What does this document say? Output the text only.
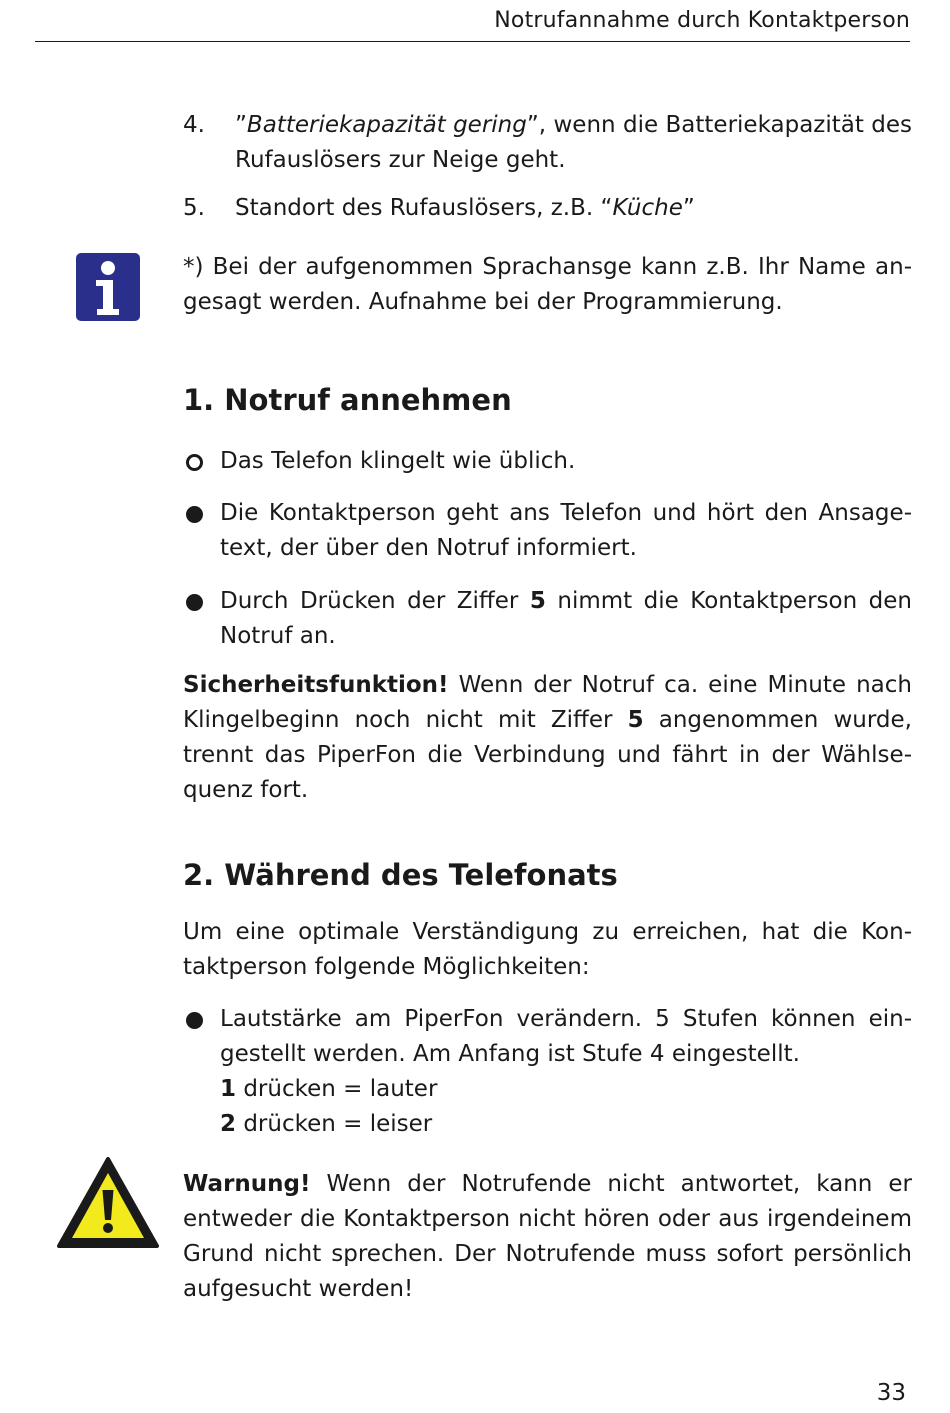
Notrufannahme durch Kontaktperson
4. ”Batteriekapazität gering”, wenn die Batteriekapazität des Rufauslösers zur Neige geht.

5. Standort des Rufauslösers, z.B. “Küche”

*) Bei der aufgenommen Sprachansge kann z.B. Ihr Name angesagt werden. Aufnahme bei der Programmierung.

1. Notruf annehmen

Das Telefon klingelt wie üblich.

Die Kontaktperson geht ans Telefon und hört den Ansagetext, der über den Notruf informiert.

Durch Drücken der Ziffer 5 nimmt die Kontaktperson den Notruf an.

Sicherheitsfunktion! Wenn der Notruf ca. eine Minute nach Klingelbeginn noch nicht mit Ziffer 5 angenommen wurde, trennt das PiperFon die Verbindung und fährt in der Wählsequenz fort.

2. Während des Telefonats

Um eine optimale Verständigung zu erreichen, hat die Kontaktperson folgende Möglichkeiten:

Lautstärke am PiperFon verändern. 5 Stufen können eingestellt werden. Am Anfang ist Stufe 4 eingestellt.

1 drücken = lauter

2 drücken = leiser

Warnung! Wenn der Notrufende nicht antwortet, kann er entweder die Kontaktperson nicht hören oder aus irgendeinem Grund nicht sprechen. Der Notrufende muss sofort persönlich aufgesucht werden!

33
